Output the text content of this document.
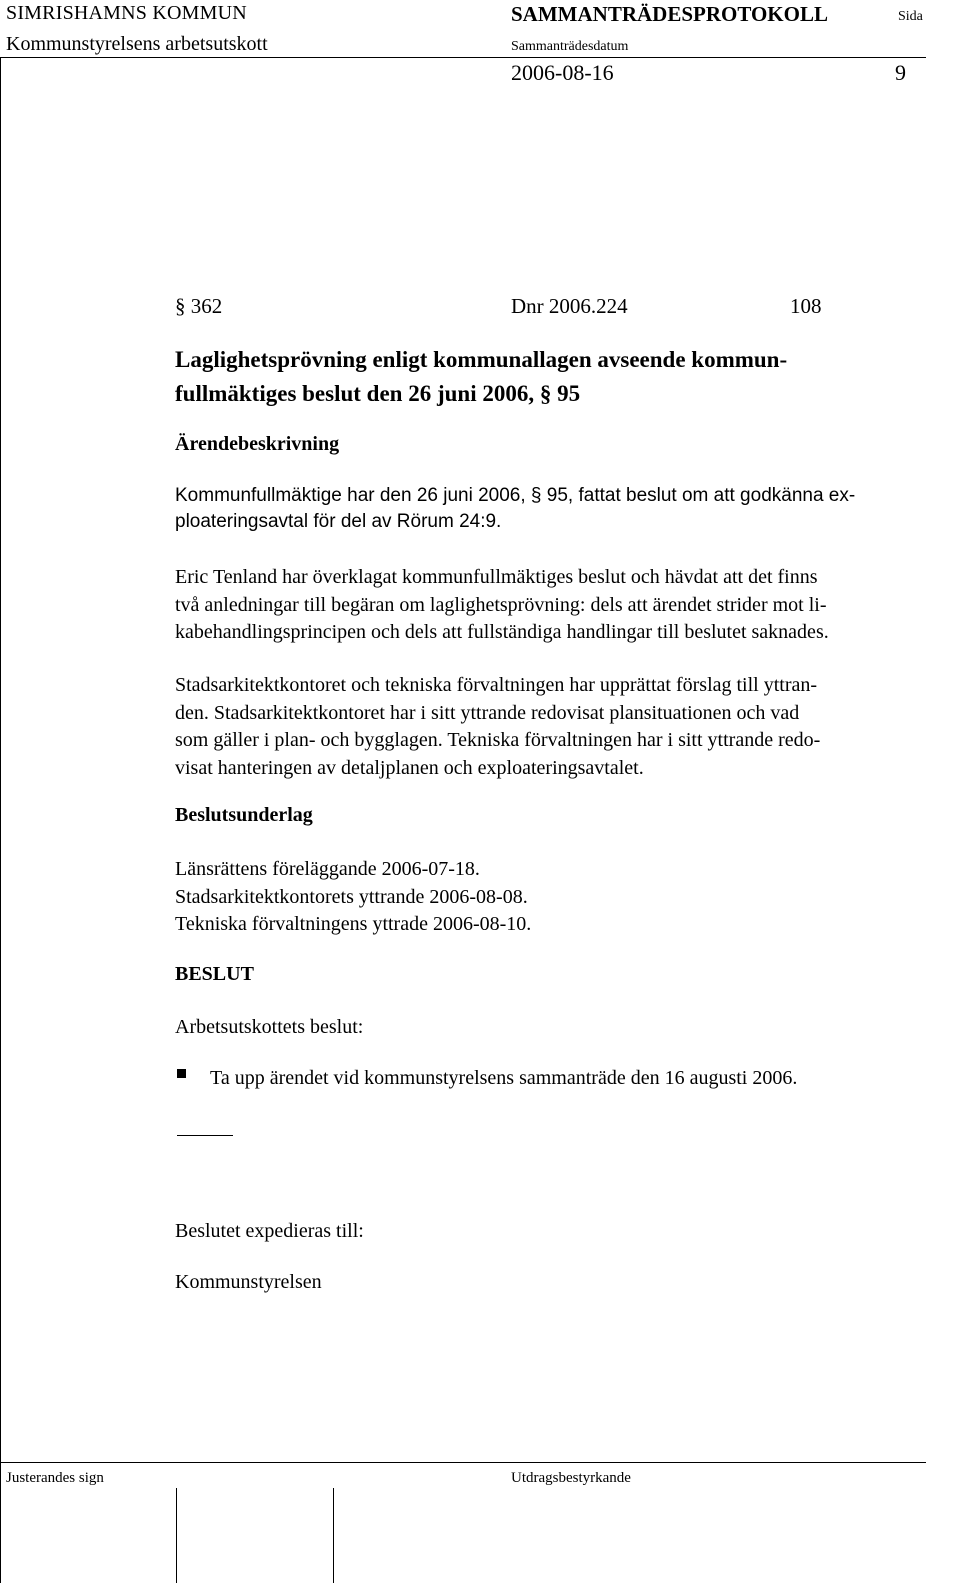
SIMRISHAMNS KOMMUN	SAMMANTRÄDESPROTOKOLL	Sida
Kommunstyrelsens arbetsutskott	Sammanträdesdatum
2006-08-16	9
§ 362	Dnr 2006.224	108
Laglighetsprövning enligt kommunallagen avseende kommun-
fullmäktiges beslut den 26 juni 2006, § 95
Ärendebeskrivning
Kommunfullmäktige har den 26 juni 2006, § 95, fattat beslut om att godkänna ex-
ploateringsavtal för del av Rörum 24:9.
Eric Tenland har överklagat kommunfullmäktiges beslut och hävdat att det finns
två anledningar till begäran om laglighetsprövning: dels att ärendet strider mot li-
kabehandlingsprincipen och dels att fullständiga handlingar till beslutet saknades.
Stadsarkitektkontoret och tekniska förvaltningen har upprättat förslag till yttran-
den. Stadsarkitektkontoret har i sitt yttrande redovisat plansituationen och vad
som gäller i plan- och bygglagen. Tekniska förvaltningen har i sitt yttrande redo-
visat hanteringen av detaljplanen och exploateringsavtalet.
Beslutsunderlag
Länsrättens föreläggande 2006-07-18.
Stadsarkitektkontorets yttrande 2006-08-08.
Tekniska förvaltningens yttrade 2006-08-10.
BESLUT
Arbetsutskottets beslut:
Ta upp ärendet vid kommunstyrelsens sammanträde den 16 augusti 2006.
Beslutet expedieras till:
Kommunstyrelsen
Justerandes sign	Utdragsbestyrkande
